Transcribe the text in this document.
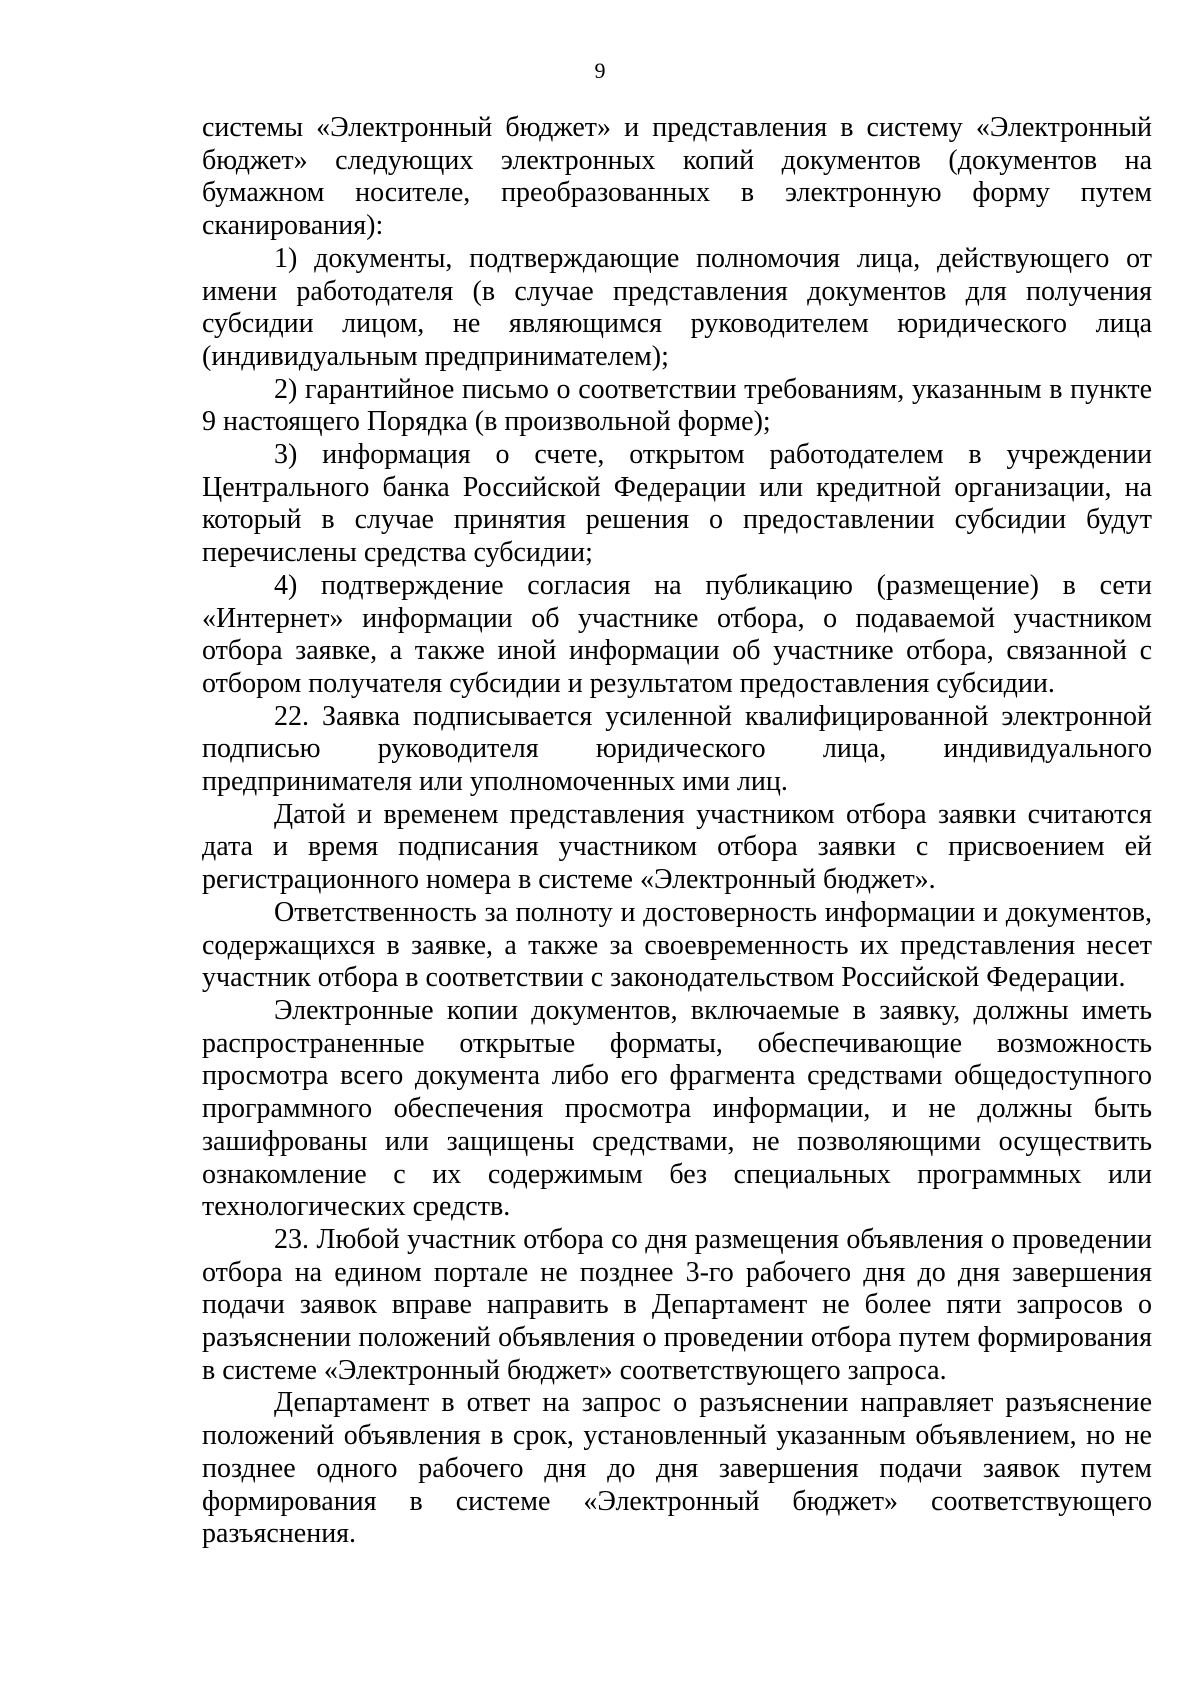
9

системы «Электронный бюджет» и представления в систему «Электронный бюджет» следующих электронных копий документов (документов на бумажном носителе, преобразованных в электронную форму путем сканирования):

1) документы, подтверждающие полномочия лица, действующего от имени работодателя (в случае представления документов для получения субсидии лицом, не являющимся руководителем юридического лица (индивидуальным предпринимателем);

2) гарантийное письмо о соответствии требованиям, указанным в пункте 9 настоящего Порядка (в произвольной форме);

3) информация о счете, открытом работодателем в учреждении Центрального банка Российской Федерации или кредитной организации, на который в случае принятия решения о предоставлении субсидии будут перечислены средства субсидии;

4) подтверждение согласия на публикацию (размещение) в сети «Интернет» информации об участнике отбора, о подаваемой участником отбора заявке, а также иной информации об участнике отбора, связанной с отбором получателя субсидии и результатом предоставления субсидии.

22. Заявка подписывается усиленной квалифицированной электронной подписью руководителя юридического лица, индивидуального предпринимателя или уполномоченных ими лиц.

Датой и временем представления участником отбора заявки считаются дата и время подписания участником отбора заявки с присвоением ей регистрационного номера в системе «Электронный бюджет».

Ответственность за полноту и достоверность информации и документов, содержащихся в заявке, а также за своевременность их представления несет участник отбора в соответствии с законодательством Российской Федерации.

Электронные копии документов, включаемые в заявку, должны иметь распространенные открытые форматы, обеспечивающие возможность просмотра всего документа либо его фрагмента средствами общедоступного программного обеспечения просмотра информации, и не должны быть зашифрованы или защищены средствами, не позволяющими осуществить ознакомление с их содержимым без специальных программных или технологических средств.

23. Любой участник отбора со дня размещения объявления о проведении отбора на едином портале не позднее 3-го рабочего дня до дня завершения подачи заявок вправе направить в Департамент не более пяти запросов о разъяснении положений объявления о проведении отбора путем формирования в системе «Электронный бюджет» соответствующего запроса.

Департамент в ответ на запрос о разъяснении направляет разъяснение положений объявления в срок, установленный указанным объявлением, но не позднее одного рабочего дня до дня завершения подачи заявок путем формирования в системе «Электронный бюджет» соответствующего разъяснения.
